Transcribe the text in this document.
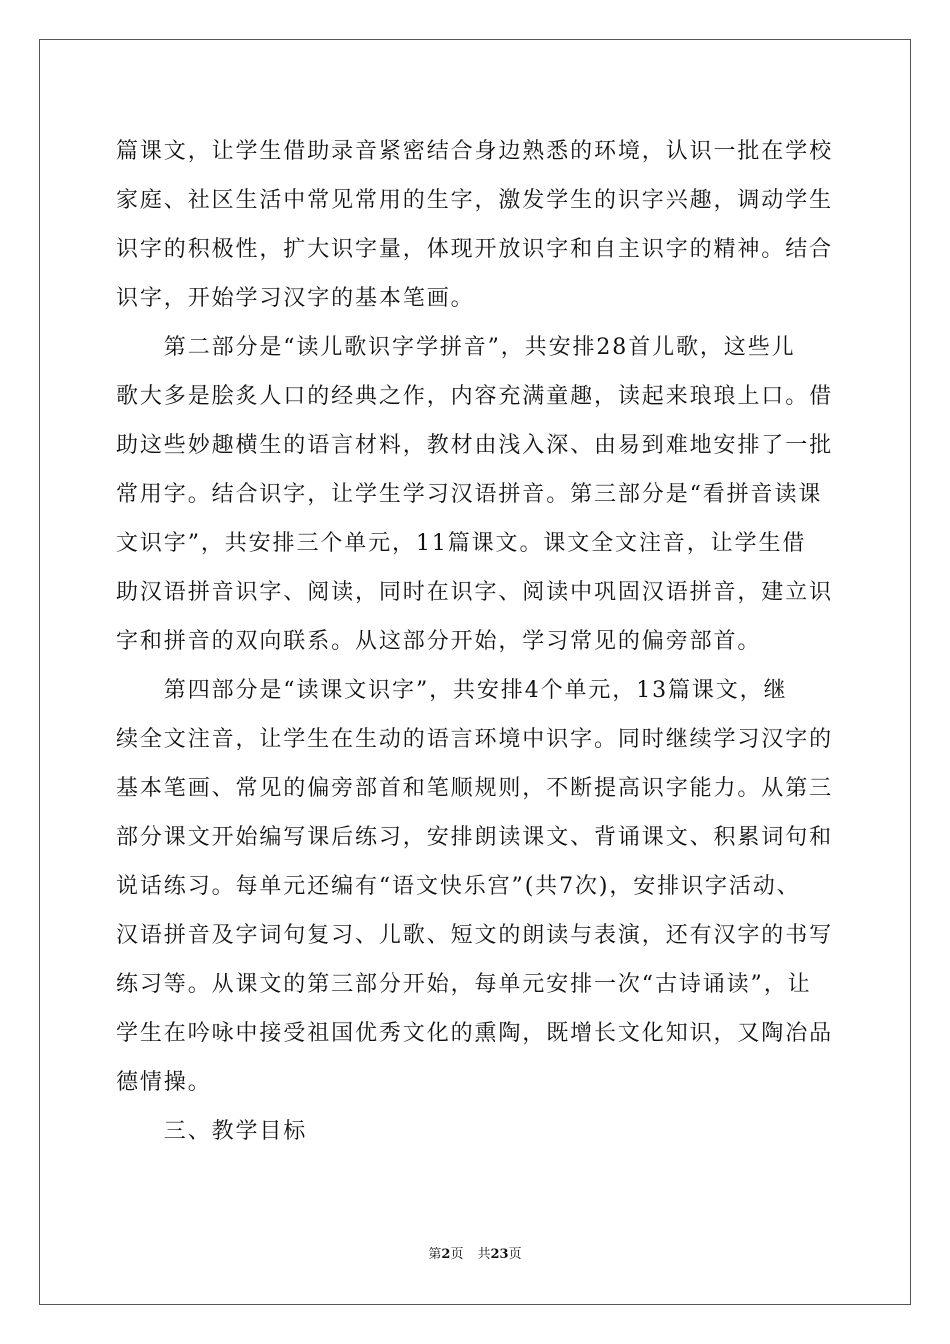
篇课文，让学生借助录音紧密结合身边熟悉的环境，认识一批在学校
家庭、社区生活中常见常用的生字，激发学生的识字兴趣，调动学生
识字的积极性，扩大识字量，体现开放识字和自主识字的精神。结合
识字，开始学习汉字的基本笔画。
　　第二部分是“读儿歌识字学拼音”，共安排28首儿歌，这些儿
歌大多是脍炙人口的经典之作，内容充满童趣，读起来琅琅上口。借
助这些妙趣横生的语言材料，教材由浅入深、由易到难地安排了一批
常用字。结合识字，让学生学习汉语拼音。第三部分是“看拼音读课
文识字”，共安排三个单元，11篇课文。课文全文注音，让学生借
助汉语拼音识字、阅读，同时在识字、阅读中巩固汉语拼音，建立识
字和拼音的双向联系。从这部分开始，学习常见的偏旁部首。
　　第四部分是“读课文识字”，共安排4个单元，13篇课文，继
续全文注音，让学生在生动的语言环境中识字。同时继续学习汉字的
基本笔画、常见的偏旁部首和笔顺规则，不断提高识字能力。从第三
部分课文开始编写课后练习，安排朗读课文、背诵课文、积累词句和
说话练习。每单元还编有“语文快乐宫”(共7次)，安排识字活动、
汉语拼音及字词句复习、儿歌、短文的朗读与表演，还有汉字的书写
练习等。从课文的第三部分开始，每单元安排一次“古诗诵读”，让
学生在吟咏中接受祖国优秀文化的熏陶，既增长文化知识，又陶冶品
德情操。
　　三、教学目标
第2页 共23页
